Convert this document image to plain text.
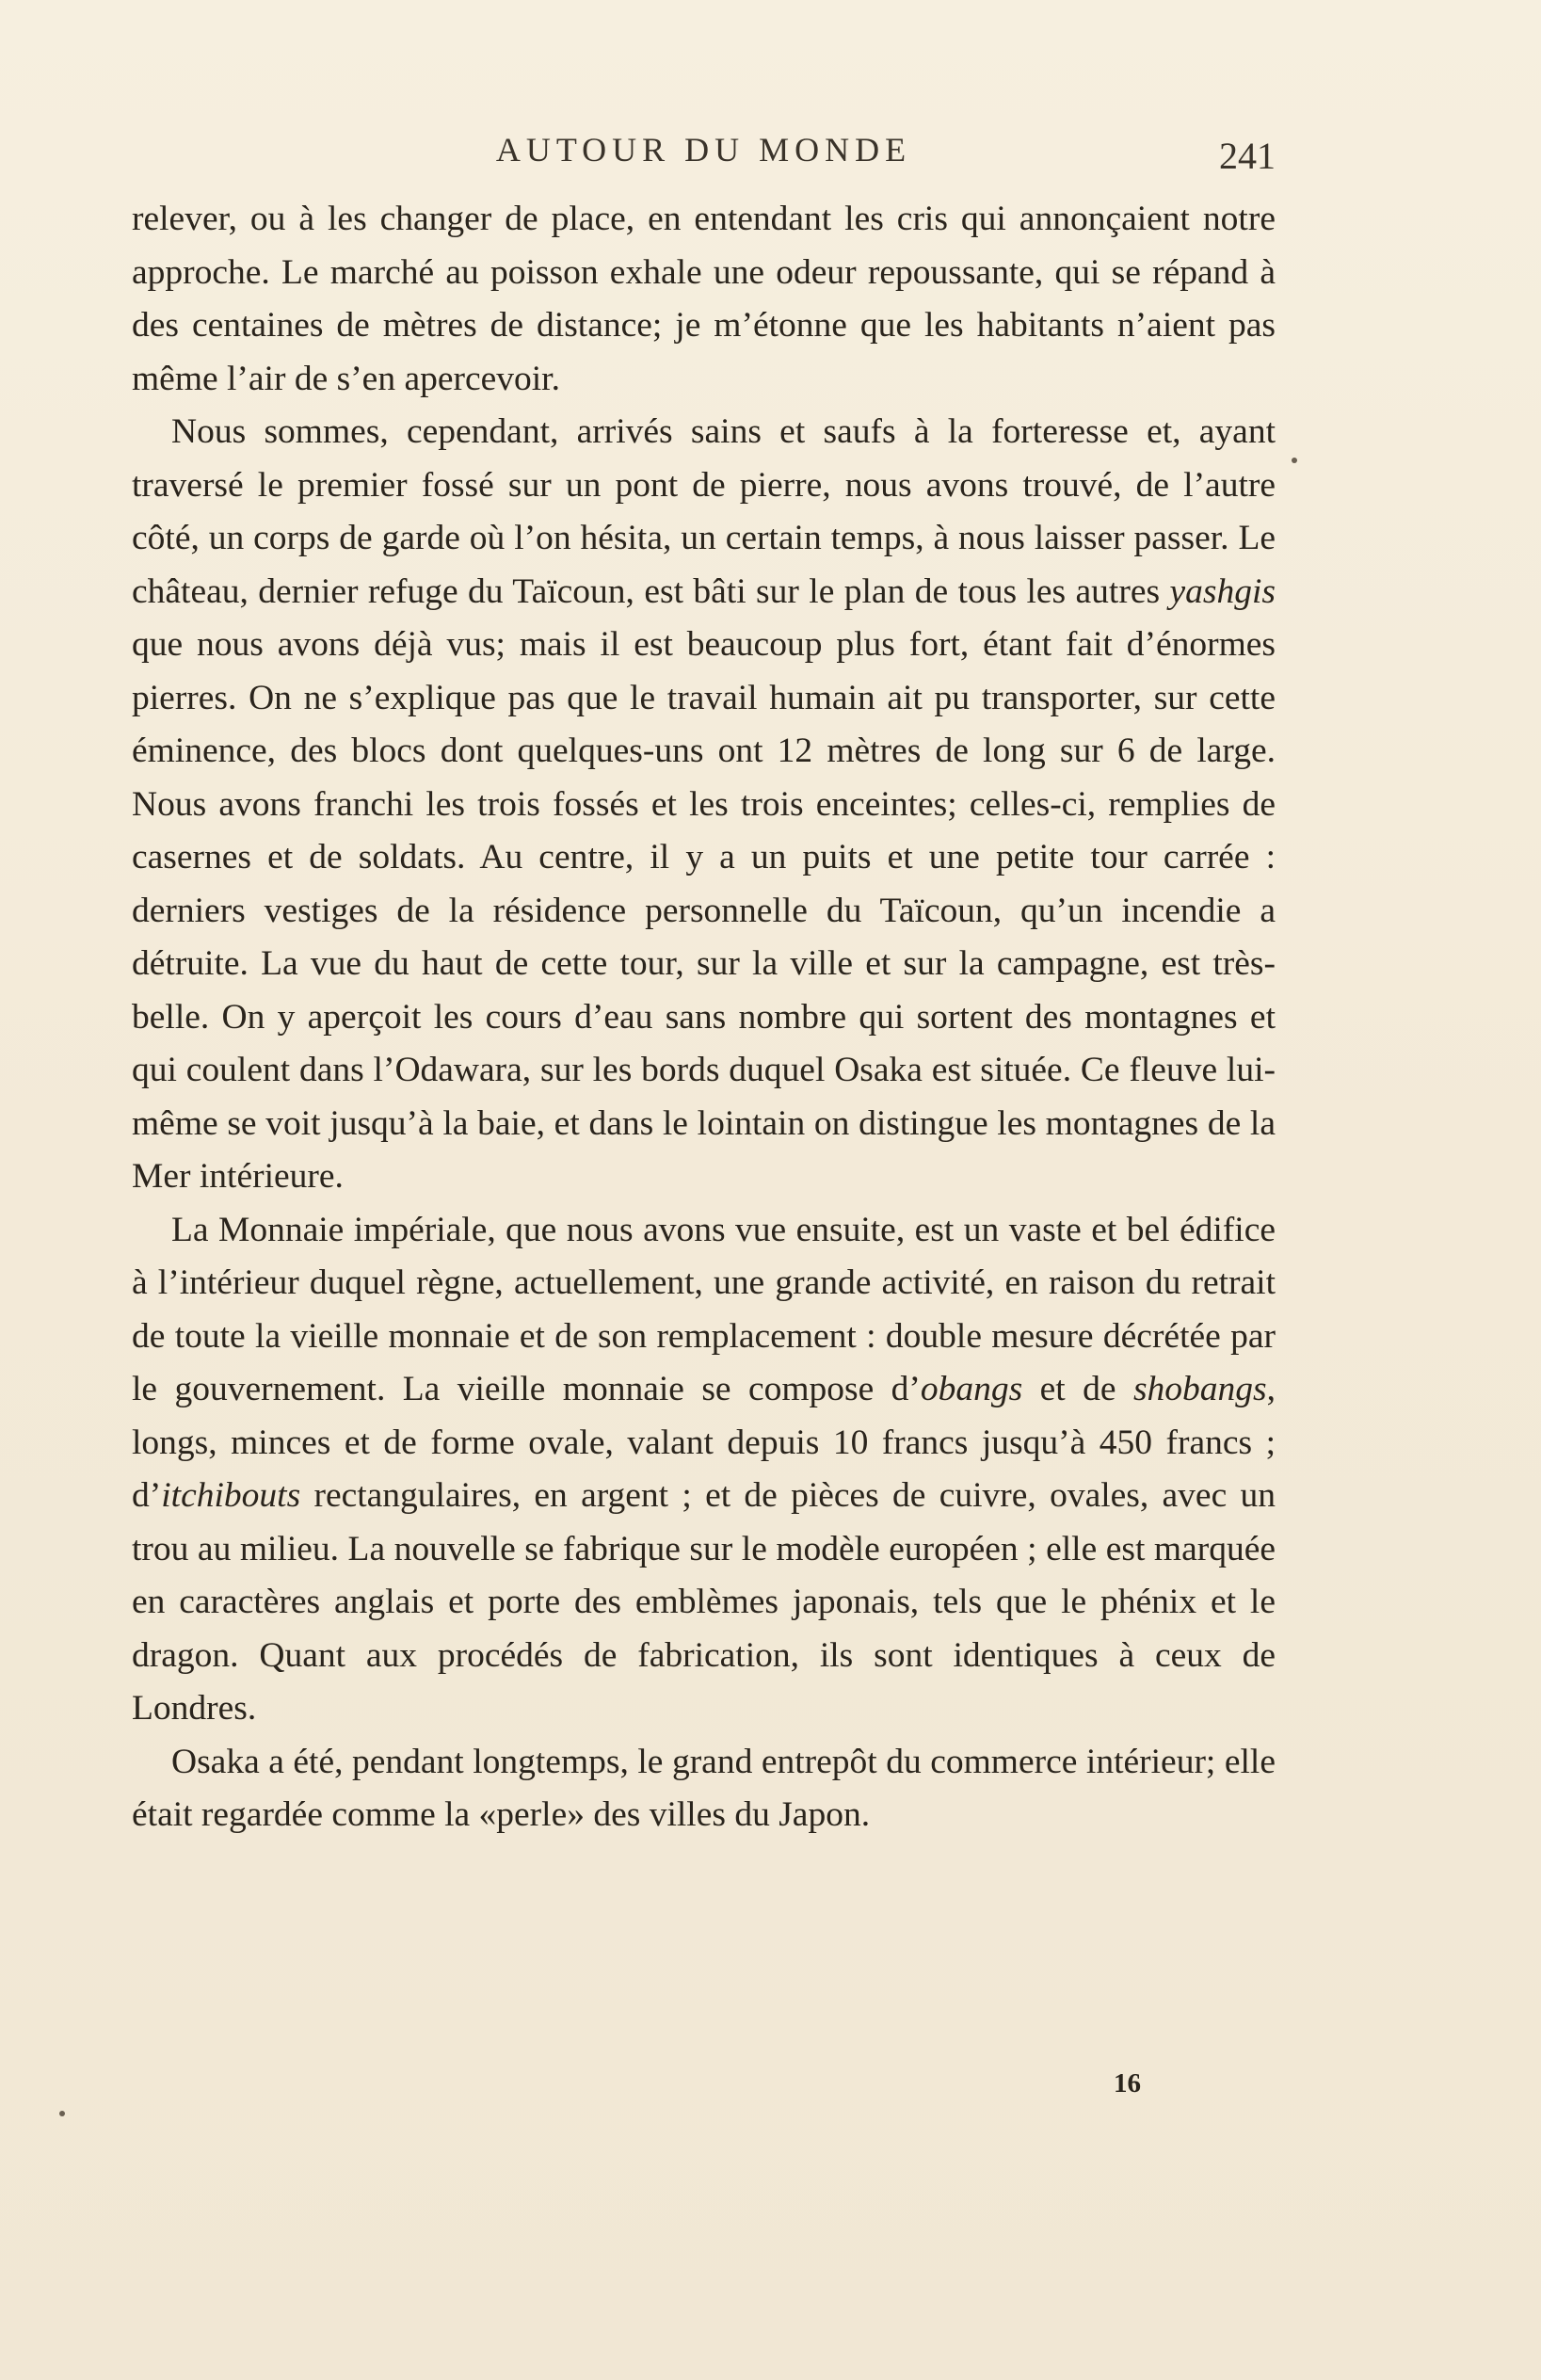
AUTOUR DU MONDE	241

relever, ou à les changer de place, en entendant les cris qui annonçaient notre approche. Le marché au poisson exhale une odeur repoussante, qui se répand à des centaines de mètres de distance; je m’étonne que les habitants n’aient pas même l’air de s’en apercevoir.

Nous sommes, cependant, arrivés sains et saufs à la forteresse et, ayant traversé le premier fossé sur un pont de pierre, nous avons trouvé, de l’autre côté, un corps de garde où l’on hésita, un certain temps, à nous laisser passer. Le château, dernier refuge du Taïcoun, est bâti sur le plan de tous les autres yashgis que nous avons déjà vus; mais il est beaucoup plus fort, étant fait d’énormes pierres. On ne s’explique pas que le travail humain ait pu transporter, sur cette éminence, des blocs dont quelques-uns ont 12 mètres de long sur 6 de large. Nous avons franchi les trois fossés et les trois enceintes; celles-ci, remplies de casernes et de soldats. Au centre, il y a un puits et une petite tour carrée : derniers vestiges de la résidence personnelle du Taïcoun, qu’un incendie a détruite. La vue du haut de cette tour, sur la ville et sur la campagne, est très-belle. On y aperçoit les cours d’eau sans nombre qui sortent des montagnes et qui coulent dans l’Odawara, sur les bords duquel Osaka est située. Ce fleuve lui-même se voit jusqu’à la baie, et dans le lointain on distingue les montagnes de la Mer intérieure.

La Monnaie impériale, que nous avons vue ensuite, est un vaste et bel édifice à l’intérieur duquel règne, actuellement, une grande activité, en raison du retrait de toute la vieille monnaie et de son remplacement : double mesure décrétée par le gouvernement. La vieille monnaie se compose d’obangs et de shobangs, longs, minces et de forme ovale, valant depuis 10 francs jusqu’à 450 francs ; d’itchibouts rectangulaires, en argent ; et de pièces de cuivre, ovales, avec un trou au milieu. La nouvelle se fabrique sur le modèle européen ; elle est marquée en caractères anglais et porte des emblèmes japonais, tels que le phénix et le dragon. Quant aux procédés de fabrication, ils sont identiques à ceux de Londres.

Osaka a été, pendant longtemps, le grand entrepôt du commerce intérieur; elle était regardée comme la «perle» des villes du Japon.

16
